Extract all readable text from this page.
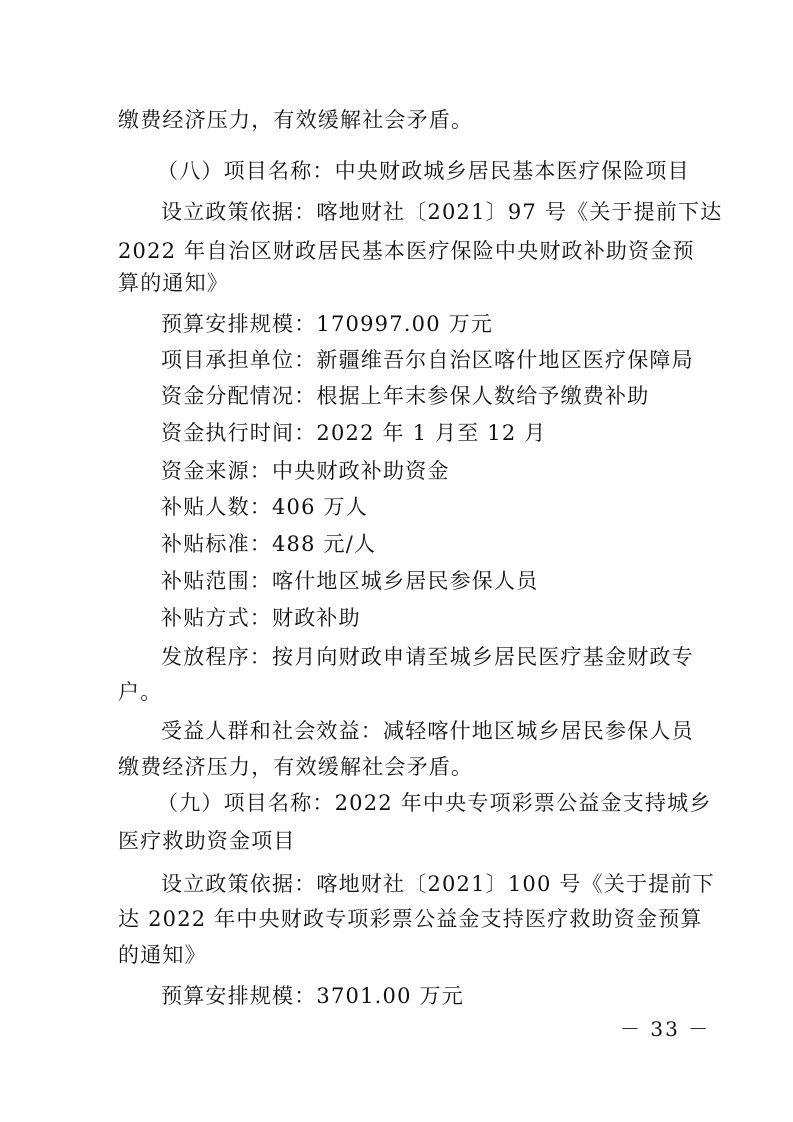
缴费经济压力，有效缓解社会矛盾。
（八）项目名称：中央财政城乡居民基本医疗保险项目
设立政策依据：喀地财社〔2021〕97 号《关于提前下达
2022 年自治区财政居民基本医疗保险中央财政补助资金预
算的通知》
预算安排规模：170997.00 万元
项目承担单位：新疆维吾尔自治区喀什地区医疗保障局
资金分配情况：根据上年末参保人数给予缴费补助
资金执行时间：2022 年 1 月至 12 月
资金来源：中央财政补助资金
补贴人数：406 万人
补贴标准：488 元/人
补贴范围：喀什地区城乡居民参保人员
补贴方式：财政补助
发放程序：按月向财政申请至城乡居民医疗基金财政专
户。
受益人群和社会效益：减轻喀什地区城乡居民参保人员
缴费经济压力，有效缓解社会矛盾。
（九）项目名称：2022 年中央专项彩票公益金支持城乡
医疗救助资金项目
设立政策依据：喀地财社〔2021〕100 号《关于提前下
达 2022 年中央财政专项彩票公益金支持医疗救助资金预算
的通知》
预算安排规模：3701.00 万元
－ 33 －
